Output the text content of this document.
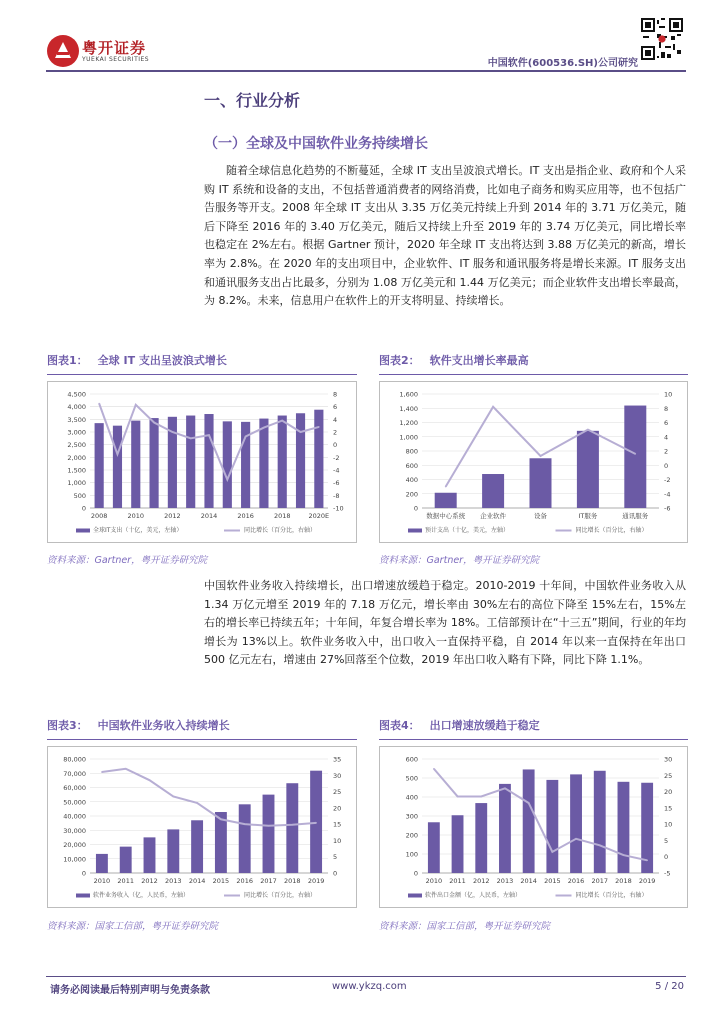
粤开证券
YUEKAI SECURITIES	中国软件(600536.SH)公司研究
一、行业分析
（一）全球及中国软件业务持续增长
随着全球信息化趋势的不断蔓延，全球 IT 支出呈波浪式增长。IT 支出是指企业、政府和个人采购 IT 系统和设备的支出，不包括普通消费者的网络消费，比如电子商务和购买应用等，也不包括广告服务等开支。2008 年全球 IT 支出从 3.35 万亿美元持续上升到 2014 年的 3.71 万亿美元，随后下降至 2016 年的 3.40 万亿美元，随后又持续上升至 2019 年的 3.74 万亿美元，同比增长率也稳定在 2%左右。根据 Gartner 预计，2020 年全球 IT 支出将达到 3.88 万亿美元的新高，增长率为 2.8%。在 2020 年的支出项目中，企业软件、IT 服务和通讯服务将是增长来源。IT 服务支出和通讯服务支出占比最多，分别为 1.08 万亿美元和 1.44 万亿美元；而企业软件支出增长率最高，为 8.2%。未来，信息用户在软件上的开支将明显、持续增长。
图表1： 全球 IT 支出呈波浪式增长
0
500
1,000
1,500
2,000
2,500
3,000
3,500
4,000
4,500
-10
-8
-6
-4
-2
0
2
4
6
8
2008	2010	2012	2014	2016	2018	2020E
全球IT支出（十亿，美元，左轴）	同比增长（百分比，右轴）
资料来源：Gartner，粤开证券研究院
图表2： 软件支出增长率最高
0
200
400
600
800
1,000
1,200
1,400
1,600
-6
-4
-2
0
2
4
6
8
10
数据中心系统 企业软件	设备	IT服务	通讯服务
预计支出（十亿，美元，左轴）	同比增长（百分比，右轴）
资料来源：Gartner，粤开证券研究院
中国软件业务收入持续增长，出口增速放缓趋于稳定。2010-2019 十年间，中国软件业务收入从 1.34 万亿元增至 2019 年的 7.18 万亿元，增长率由 30%左右的高位下降至 15%左右，15%左右的增长率已持续五年；十年间，年复合增长率为 18%。工信部预计在“十三五”期间，行业的年均增长为 13%以上。软件业务收入中，出口收入一直保持平稳，自 2014 年以来一直保持在年出口 500 亿元左右，增速由 27%回落至个位数，2019 年出口收入略有下降，同比下降 1.1%。
图表3： 中国软件业务收入持续增长
0
10,000
20,000
30,000
40,000
50,000
60,000
70,000
80,000
0
5
10
15
20
25
30
35
2010 2011 2012 2013 2014 2015 2016 2017 2018 2019
软件业务收入（亿，人民币，左轴）	同比增长（百分比，右轴）
资料来源：国家工信部，粤开证券研究院
图表4： 出口增速放缓趋于稳定
0
100
200
300
400
500
600
-5
0
5
10
15
20
25
30
2010 2011 2012 2013 2014 2015 2016 2017 2018 2019
软件出口金额（亿，人民币，左轴）	同比增长（百分比，右轴）
资料来源：国家工信部，粤开证券研究院
请务必阅读最后特别声明与免责条款	www.ykzq.com	5 / 20
